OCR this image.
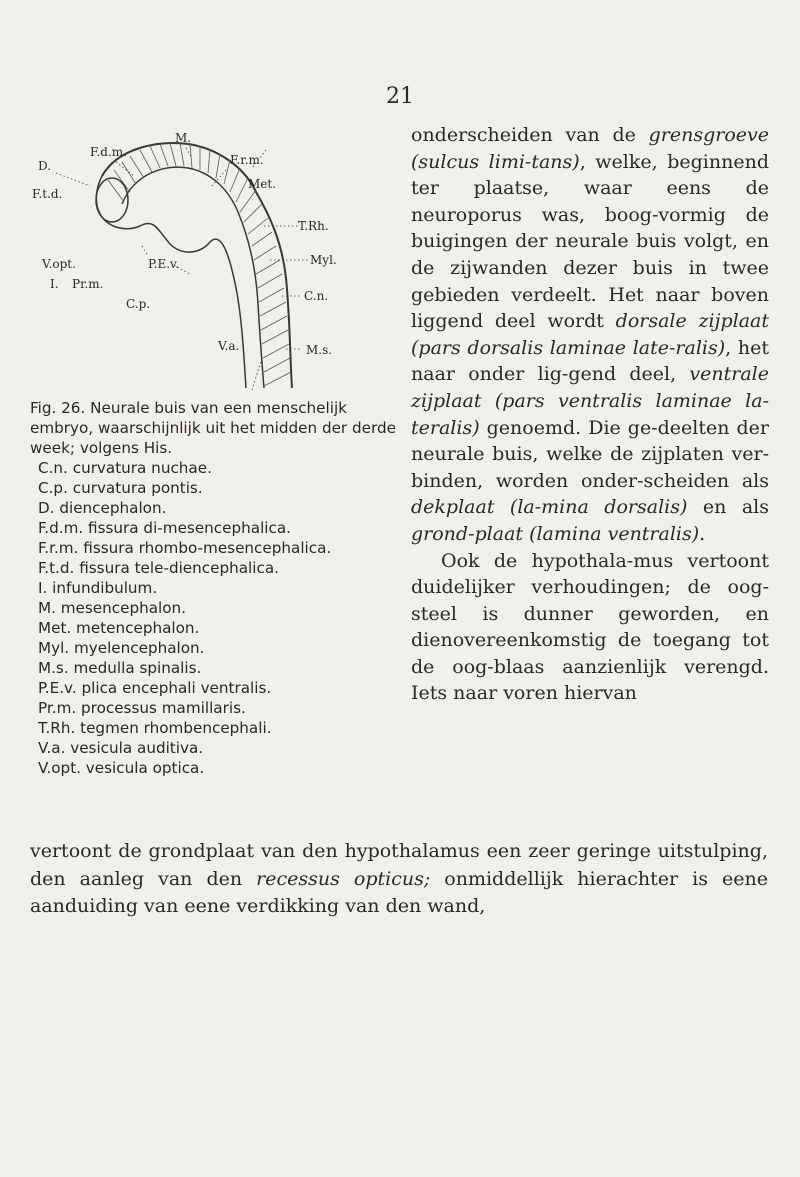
21
M.
F.d.m.
F.r.m.
D.
Met.
F.t.d.
T.Rh.
V.opt.	P.E.v.	Myl.
I. Pr.m.
C.p.
C.n.
V.a.	M.s.

Fig. 26. Neurale buis van een menschelijk embryo, waarschijnlijk uit het midden der derde week; volgens His.

C.n. curvatura nuchae.
C.p. curvatura pontis.
D. diencephalon.
F.d.m. fissura di-mesencephalica.
F.r.m. fissura rhombo-mesencephalica.
F.t.d. fissura tele-diencephalica.
I. infundibulum.
M. mesencephalon.
Met. metencephalon.
Myl. myelencephalon.
M.s. medulla spinalis.
P.E.v. plica encephali ventralis.
Pr.m. processus mamillaris.
T.Rh. tegmen rhombencephali.
V.a. vesicula auditiva.
V.opt. vesicula optica.

onderscheiden van de grensgroeve (sulcus limi-tans), welke, beginnend ter plaatse, waar eens de neuroporus was, boog-vormig de buigingen der neurale buis volgt, en de zijwanden dezer buis in twee gebieden verdeelt. Het naar boven liggend deel wordt dorsale zijplaat (pars dorsalis laminae late-ralis), het naar onder lig-gend deel, ventrale zijplaat (pars ventralis laminae la-teralis) genoemd. Die ge-deelten der neurale buis, welke de zijplaten ver-binden, worden onder-scheiden als dekplaat (la-mina dorsalis) en als grond-plaat (lamina ventralis).

Ook de hypothala-mus vertoont duidelijker verhoudingen; de oog-steel is dunner geworden, en dienovereenkomstig de toegang tot de oog-blaas aanzienlijk verengd. Iets naar voren hiervan

vertoont de grondplaat van den hypothalamus een zeer geringe uitstulping, den aanleg van den recessus opticus; onmiddellijk hierachter is eene aanduiding van eene verdikking van den wand,
